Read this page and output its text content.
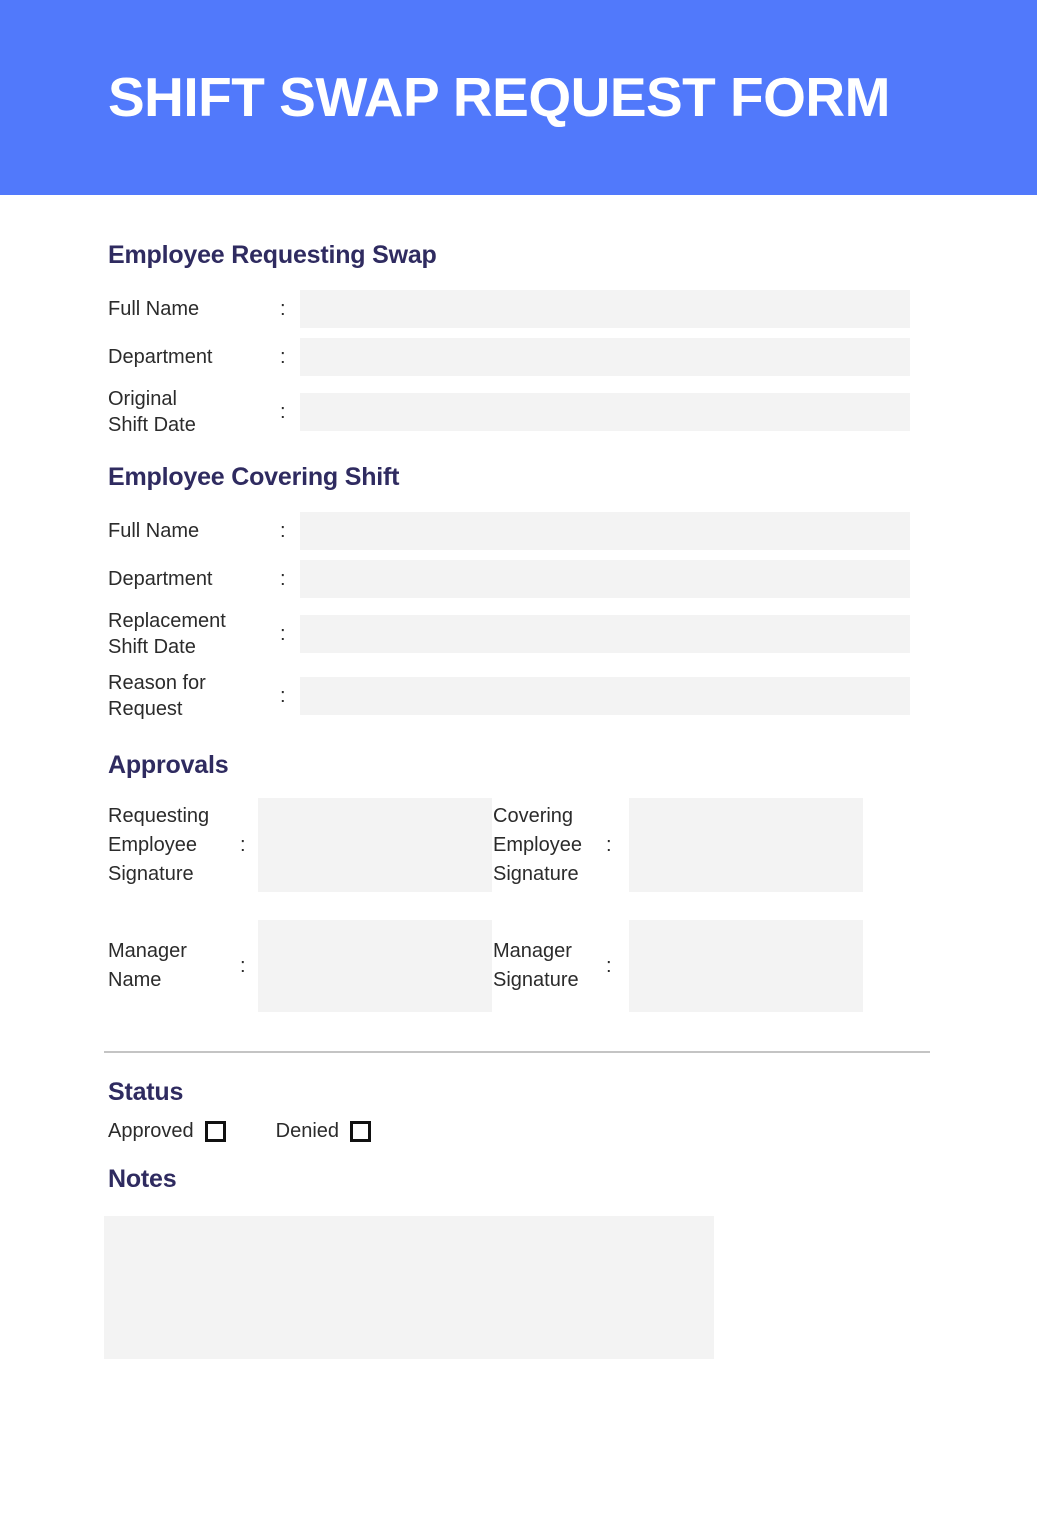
SHIFT SWAP REQUEST FORM
Employee Requesting Swap
Full Name	:
Department	:
Original
Shift Date
:
Employee Covering Shift
Full Name	:
Department	:
Replacement
Shift Date
:
Reason for
Request
:
Approvals
Requesting
Employee
Signature
:
Covering
Employee
Signature
:
Manager
Name
:
Manager
Signature
:
Status
Approved	Denied
Notes
